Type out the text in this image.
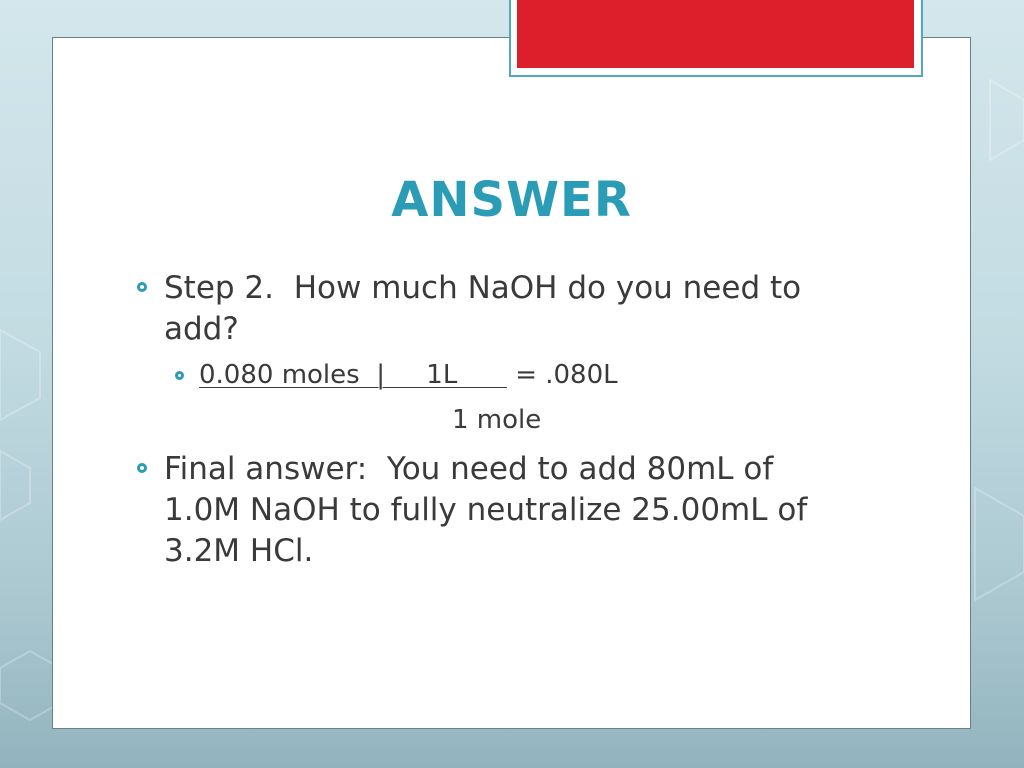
ANSWER

Step 2.  How much NaOH do you need to

add?

0.080 moles  |     1L       = .080L

1 mole

Final answer:  You need to add 80mL of

1.0M NaOH to fully neutralize 25.00mL of

3.2M HCl.
